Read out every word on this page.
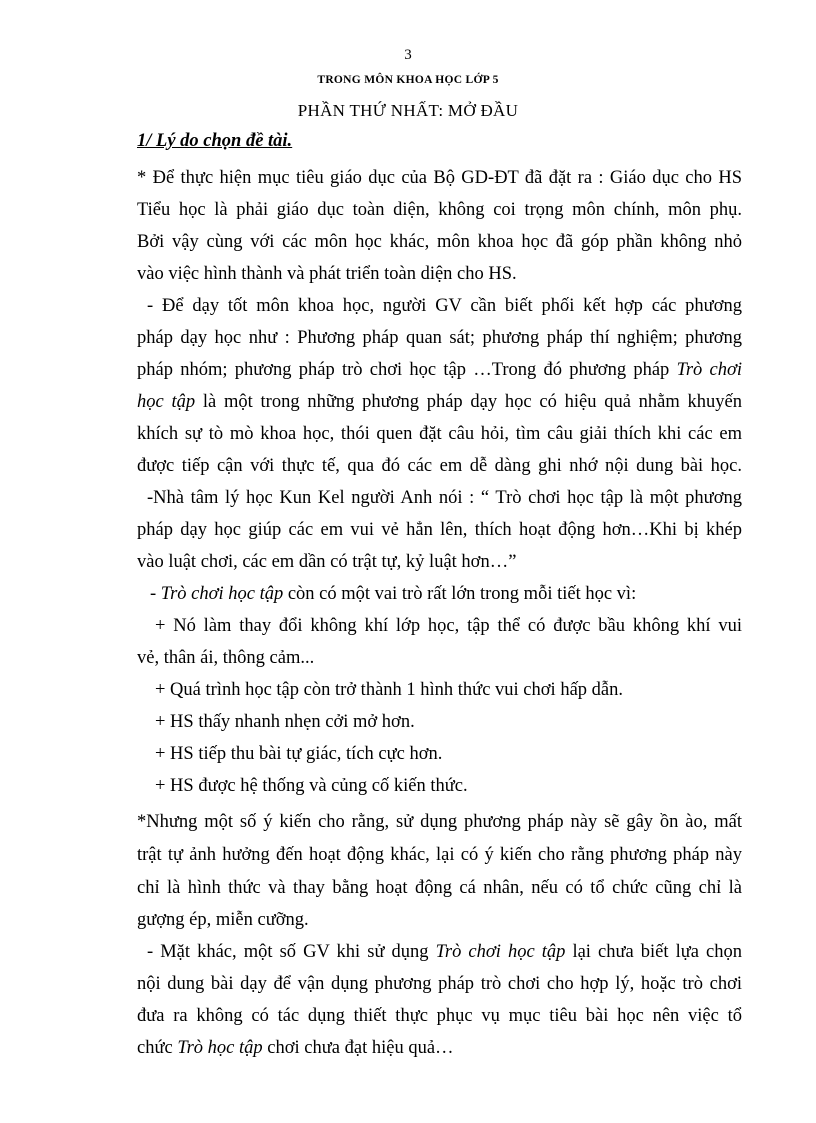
3
TRONG MÔN KHOA HỌC LỚP 5
PHẦN THỨ NHẤT: MỞ ĐẦU
1/ Lý do chọn đề tài.
* Để thực hiện mục tiêu giáo dục của Bộ GD-ĐT đã đặt ra : Giáo dục cho HS
Tiểu học là phải giáo dục toàn diện, không coi trọng môn chính, môn phụ.
Bởi vậy cùng với các môn học khác, môn khoa học đã góp phần không nhỏ
vào việc hình thành và phát triển toàn diện cho HS.
- Để dạy tốt môn khoa học, người GV cần biết phối kết hợp các phương
pháp dạy học như : Phương pháp quan sát; phương pháp thí nghiệm; phương
pháp nhóm; phương pháp trò chơi học tập …Trong đó phương pháp Trò chơi
học tập là một trong những phương pháp dạy học có hiệu quả nhằm khuyến
khích sự tò mò khoa học, thói quen đặt câu hỏi, tìm câu giải thích khi các em
được tiếp cận với thực tế, qua đó các em dễ dàng ghi nhớ nội dung bài học.
-Nhà tâm lý học Kun Kel người Anh nói : “ Trò chơi học tập là một phương
pháp dạy học giúp các em vui vẻ hẳn lên, thích hoạt động hơn…Khi bị khép
vào luật chơi, các em dần có trật tự, kỷ luật hơn…”
- Trò chơi học tập còn có một vai trò rất lớn trong mỗi tiết học vì:
+ Nó làm thay đổi không khí lớp học, tập thể có được bầu không khí vui
vẻ, thân ái, thông cảm...
+ Quá trình học tập còn trở thành 1 hình thức vui chơi hấp dẫn.
+ HS thấy nhanh nhẹn cởi mở hơn.
+ HS tiếp thu bài tự giác, tích cực hơn.
+ HS được hệ thống và củng cố kiến thức.
*Nhưng một số ý kiến cho rằng, sử dụng phương pháp này sẽ gây ồn ào, mất
trật tự ảnh hưởng đến hoạt động khác, lại có ý kiến cho rằng phương pháp này
chỉ là hình thức và thay bằng hoạt động cá nhân, nếu có tổ chức cũng chỉ là
gượng ép, miễn cưỡng.
- Mặt khác, một số GV khi sử dụng Trò chơi học tập lại chưa biết lựa chọn
nội dung bài dạy để vận dụng phương pháp trò chơi cho hợp lý, hoặc trò chơi
đưa ra không có tác dụng thiết thực phục vụ mục tiêu bài học nên việc tổ
chức Trò học tập chơi chưa đạt hiệu quả…
